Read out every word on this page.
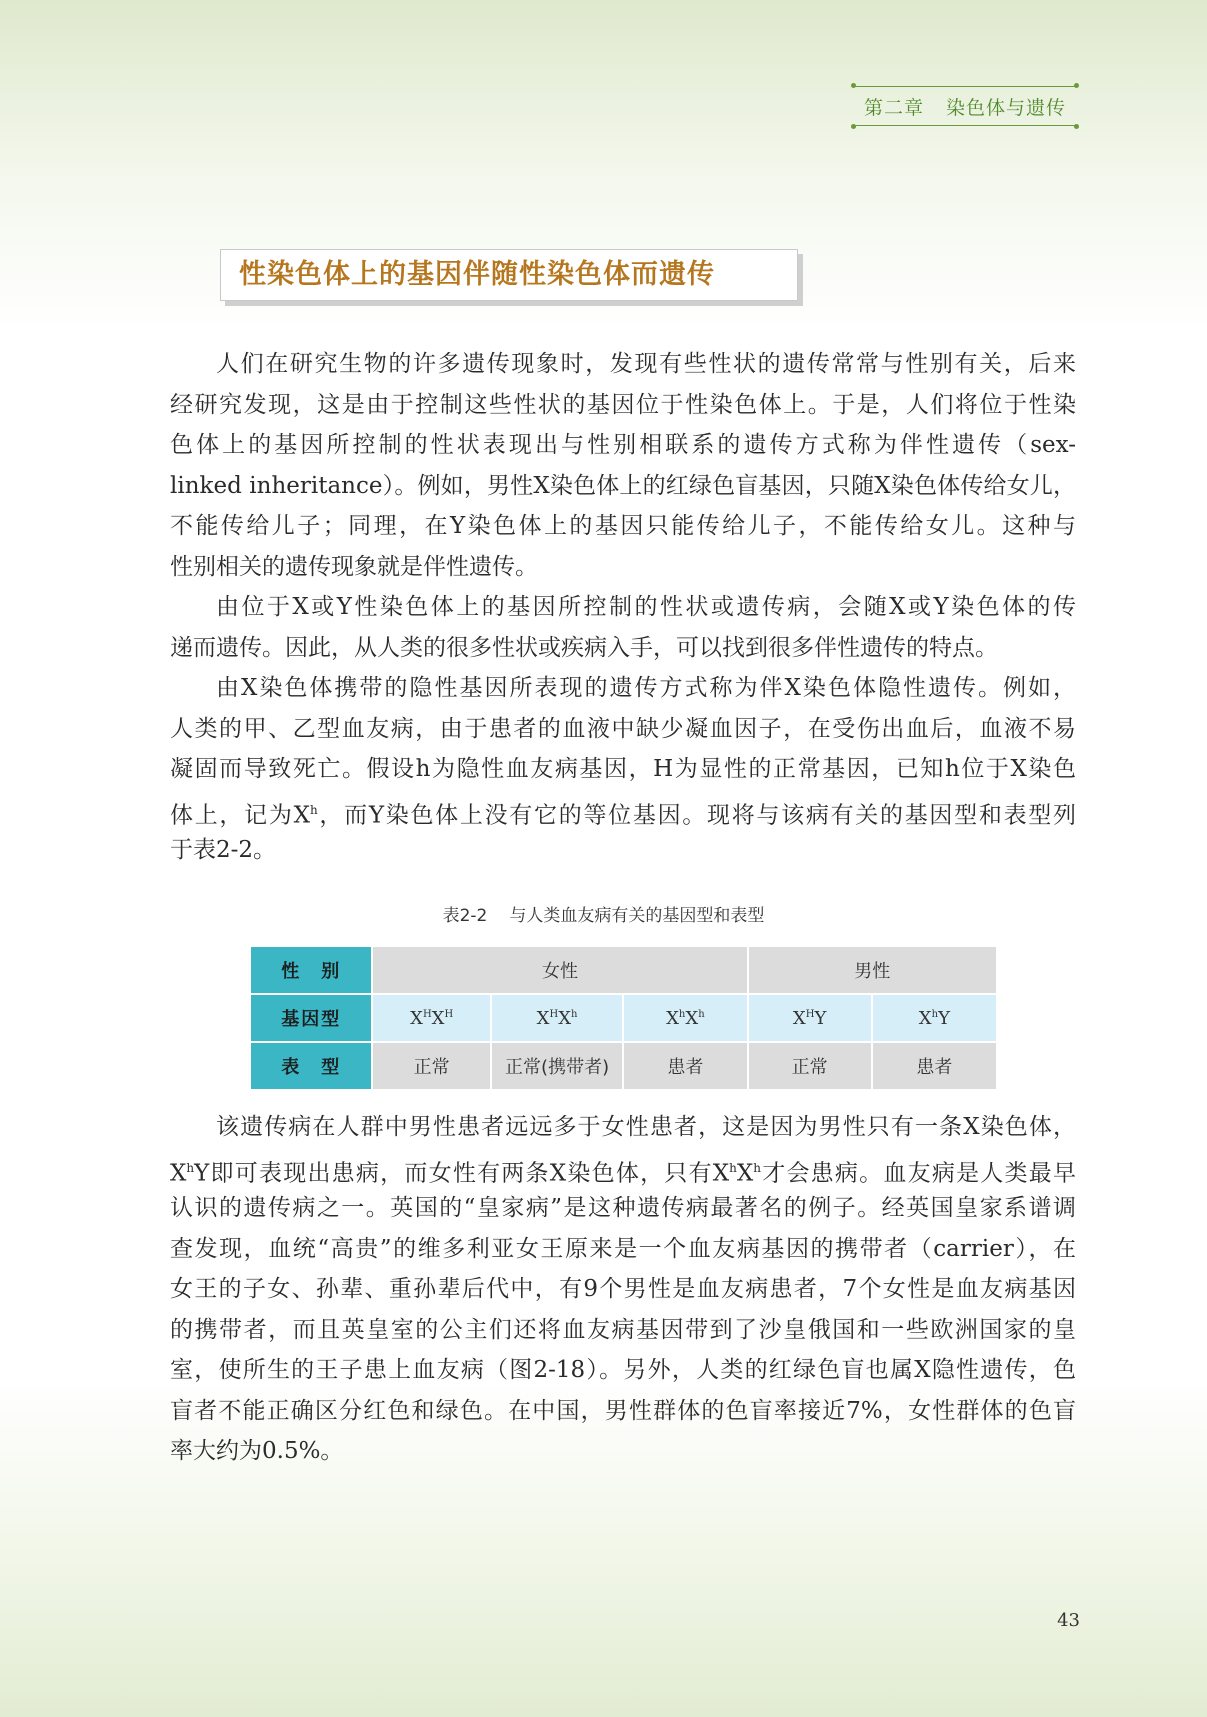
第二章 染色体与遗传
性染色体上的基因伴随性染色体而遗传
人们在研究生物的许多遗传现象时，发现有些性状的遗传常常与性别有关，后来
经研究发现，这是由于控制这些性状的基因位于性染色体上。于是，人们将位于性染
色体上的基因所控制的性状表现出与性别相联系的遗传方式称为伴性遗传（sex-
linked inheritance）。例如，男性X染色体上的红绿色盲基因，只随X染色体传给女儿，
不能传给儿子；同理，在Y染色体上的基因只能传给儿子，不能传给女儿。这种与
性别相关的遗传现象就是伴性遗传。
由位于X或Y性染色体上的基因所控制的性状或遗传病，会随X或Y染色体的传
递而遗传。因此，从人类的很多性状或疾病入手，可以找到很多伴性遗传的特点。
由X染色体携带的隐性基因所表现的遗传方式称为伴X染色体隐性遗传。例如，
人类的甲、乙型血友病，由于患者的血液中缺少凝血因子，在受伤出血后，血液不易
凝固而导致死亡。假设h为隐性血友病基因，H为显性的正常基因，已知h位于X染色
体上，记为$X^h$，而Y染色体上没有它的等位基因。现将与该病有关的基因型和表型列
于表2-2。
表2-2 与人类血友病有关的基因型和表型
性　别	女性			男性	
基因型	$X^HX^H$	$X^HX^h$	$X^hX^h$	$X^HY$	$X^hY$
表　型	正常	正常(携带者)	患者	正常	患者
该遗传病在人群中男性患者远远多于女性患者，这是因为男性只有一条X染色体，
$X^hY$即可表现出患病，而女性有两条X染色体，只有$X^hX^h$才会患病。血友病是人类最早
认识的遗传病之一。英国的“皇家病”是这种遗传病最著名的例子。经英国皇家系谱调
查发现，血统“高贵”的维多利亚女王原来是一个血友病基因的携带者（carrier），在
女王的子女、孙辈、重孙辈后代中，有9个男性是血友病患者，7个女性是血友病基因
的携带者，而且英皇室的公主们还将血友病基因带到了沙皇俄国和一些欧洲国家的皇
室，使所生的王子患上血友病（图2-18）。另外，人类的红绿色盲也属X隐性遗传，色
盲者不能正确区分红色和绿色。在中国，男性群体的色盲率接近7%，女性群体的色盲
率大约为0.5%。
43
